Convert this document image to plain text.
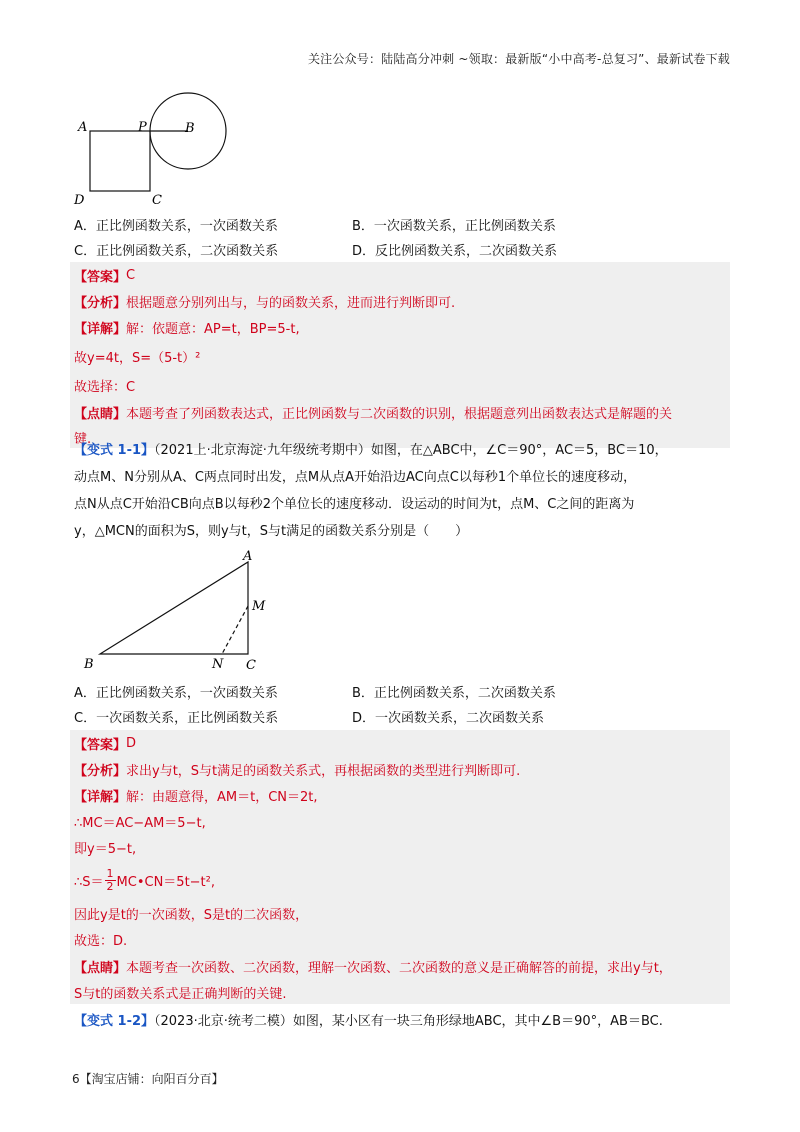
关注公众号：陆陆高分冲刺 ~领取：最新版“小中高考-总复习”、最新试卷下载
A	P	B
D	C
A．正比例函数关系，一次函数关系	B．一次函数关系，正比例函数关系
C．正比例函数关系，二次函数关系	D．反比例函数关系，二次函数关系
【答案】 C
【分析】 根据题意分别列出与，与的函数关系，进而进行判断即可.
【详解】 解：依题意：AP=t，BP=5-t,
故y=4t，S=（5-t）²
故选择：C
【点睛】 本题考查了列函数表达式，正比例函数与二次函数的识别，根据题意列出函数表达式是解题的关
键.
【变式 1-1】（2021上·北京海淀·九年级统考期中）如图，在△ABC中，∠C＝90°，AC＝5，BC＝10，
动点M、N分别从A、C两点同时出发，点M从点A开始沿边AC向点C以每秒1个单位长的速度移动，
点N从点C开始沿CB向点B以每秒2个单位长的速度移动．设运动的时间为t，点M、C之间的距离为
y，△MCN的面积为S，则y与t，S与t满足的函数关系分别是（　　）
A
M
B	N C
A．正比例函数关系，一次函数关系	B．正比例函数关系，二次函数关系
C．一次函数关系，正比例函数关系	D．一次函数关系，二次函数关系
【答案】 D
【分析】 求出y与t，S与t满足的函数关系式，再根据函数的类型进行判断即可.
【详解】 解：由题意得，AM＝t，CN＝2t,
∴MC＝AC−AM＝5−t,
即y＝5−t,
∴S＝ $\frac{1}{2}$ MC•CN＝5t−t²,
因此y是t的一次函数，S是t的二次函数，
故选：D.
【点睛】 本题考查一次函数、二次函数，理解一次函数、二次函数的意义是正确解答的前提，求出y与t，
S与t的函数关系式是正确判断的关键.
【变式 1-2】（2023·北京·统考二模）如图，某小区有一块三角形绿地ABC，其中∠B＝90°，AB＝BC.
6【淘宝店铺：向阳百分百】
